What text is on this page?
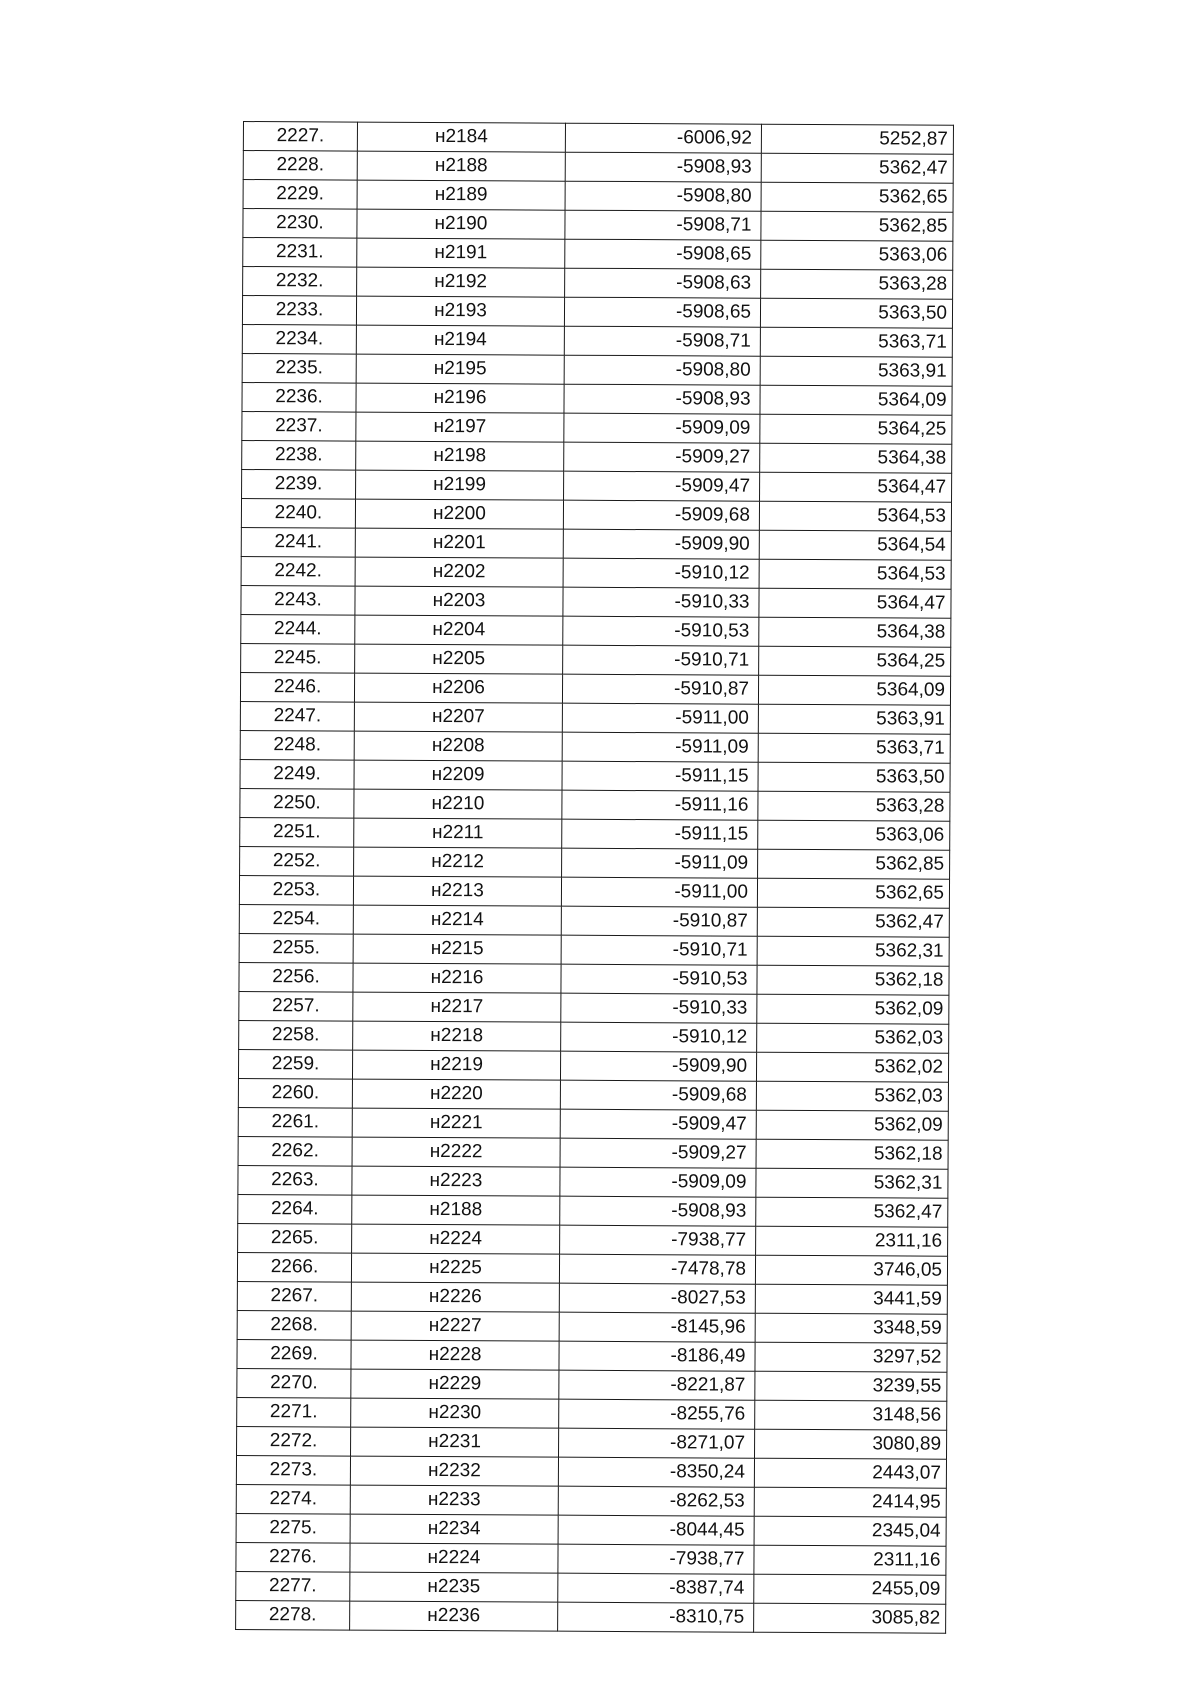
2227.	н2184	-6006,92	5252,87
2228.	н2188	-5908,93	5362,47
2229.	н2189	-5908,80	5362,65
2230.	н2190	-5908,71	5362,85
2231.	н2191	-5908,65	5363,06
2232.	н2192	-5908,63	5363,28
2233.	н2193	-5908,65	5363,50
2234.	н2194	-5908,71	5363,71
2235.	н2195	-5908,80	5363,91
2236.	н2196	-5908,93	5364,09
2237.	н2197	-5909,09	5364,25
2238.	н2198	-5909,27	5364,38
2239.	н2199	-5909,47	5364,47
2240.	н2200	-5909,68	5364,53
2241.	н2201	-5909,90	5364,54
2242.	н2202	-5910,12	5364,53
2243.	н2203	-5910,33	5364,47
2244.	н2204	-5910,53	5364,38
2245.	н2205	-5910,71	5364,25
2246.	н2206	-5910,87	5364,09
2247.	н2207	-5911,00	5363,91
2248.	н2208	-5911,09	5363,71
2249.	н2209	-5911,15	5363,50
2250.	н2210	-5911,16	5363,28
2251.	н2211	-5911,15	5363,06
2252.	н2212	-5911,09	5362,85
2253.	н2213	-5911,00	5362,65
2254.	н2214	-5910,87	5362,47
2255.	н2215	-5910,71	5362,31
2256.	н2216	-5910,53	5362,18
2257.	н2217	-5910,33	5362,09
2258.	н2218	-5910,12	5362,03
2259.	н2219	-5909,90	5362,02
2260.	н2220	-5909,68	5362,03
2261.	н2221	-5909,47	5362,09
2262.	н2222	-5909,27	5362,18
2263.	н2223	-5909,09	5362,31
2264.	н2188	-5908,93	5362,47
2265.	н2224	-7938,77	2311,16
2266.	н2225	-7478,78	3746,05
2267.	н2226	-8027,53	3441,59
2268.	н2227	-8145,96	3348,59
2269.	н2228	-8186,49	3297,52
2270.	н2229	-8221,87	3239,55
2271.	н2230	-8255,76	3148,56
2272.	н2231	-8271,07	3080,89
2273.	н2232	-8350,24	2443,07
2274.	н2233	-8262,53	2414,95
2275.	н2234	-8044,45	2345,04
2276.	н2224	-7938,77	2311,16
2277.	н2235	-8387,74	2455,09
2278.	н2236	-8310,75	3085,82
